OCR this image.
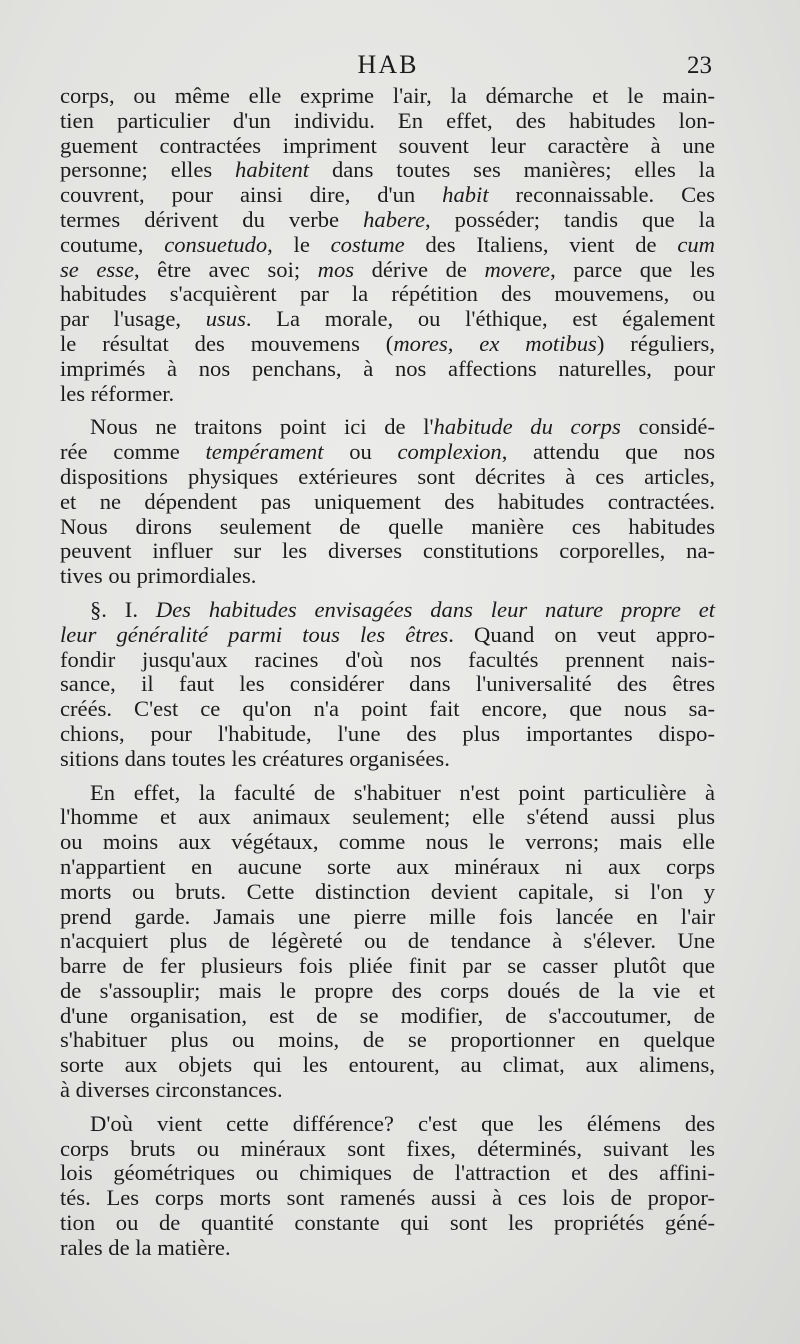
HAB	23
corps, ou même elle exprime l'air, la démarche et le main-
tien particulier d'un individu. En effet, des habitudes lon-
guement contractées impriment souvent leur caractère à une
personne; elles habitent dans toutes ses manières; elles la
couvrent, pour ainsi dire, d'un habit reconnaissable. Ces
termes dérivent du verbe habere, posséder; tandis que la
coutume, consuetudo, le costume des Italiens, vient de cum
se esse, être avec soi; mos dérive de movere, parce que les
habitudes s'acquièrent par la répétition des mouvemens, ou
par l'usage, usus. La morale, ou l'éthique, est également
le résultat des mouvemens (mores, ex motibus) réguliers,
imprimés à nos penchans, à nos affections naturelles, pour
les réformer.
Nous ne traitons point ici de l'habitude du corps considé-
rée comme tempérament ou complexion, attendu que nos
dispositions physiques extérieures sont décrites à ces articles,
et ne dépendent pas uniquement des habitudes contractées.
Nous dirons seulement de quelle manière ces habitudes
peuvent influer sur les diverses constitutions corporelles, na-
tives ou primordiales.
§. I. Des habitudes envisagées dans leur nature propre et
leur généralité parmi tous les êtres. Quand on veut appro-
fondir jusqu'aux racines d'où nos facultés prennent nais-
sance, il faut les considérer dans l'universalité des êtres
créés. C'est ce qu'on n'a point fait encore, que nous sa-
chions, pour l'habitude, l'une des plus importantes dispo-
sitions dans toutes les créatures organisées.
En effet, la faculté de s'habituer n'est point particulière à
l'homme et aux animaux seulement; elle s'étend aussi plus
ou moins aux végétaux, comme nous le verrons; mais elle
n'appartient en aucune sorte aux minéraux ni aux corps
morts ou bruts. Cette distinction devient capitale, si l'on y
prend garde. Jamais une pierre mille fois lancée en l'air
n'acquiert plus de légèreté ou de tendance à s'élever. Une
barre de fer plusieurs fois pliée finit par se casser plutôt que
de s'assouplir; mais le propre des corps doués de la vie et
d'une organisation, est de se modifier, de s'accoutumer, de
s'habituer plus ou moins, de se proportionner en quelque
sorte aux objets qui les entourent, au climat, aux alimens,
à diverses circonstances.
D'où vient cette différence? c'est que les élémens des
corps bruts ou minéraux sont fixes, déterminés, suivant les
lois géométriques ou chimiques de l'attraction et des affini-
tés. Les corps morts sont ramenés aussi à ces lois de propor-
tion ou de quantité constante qui sont les propriétés géné-
rales de la matière.
